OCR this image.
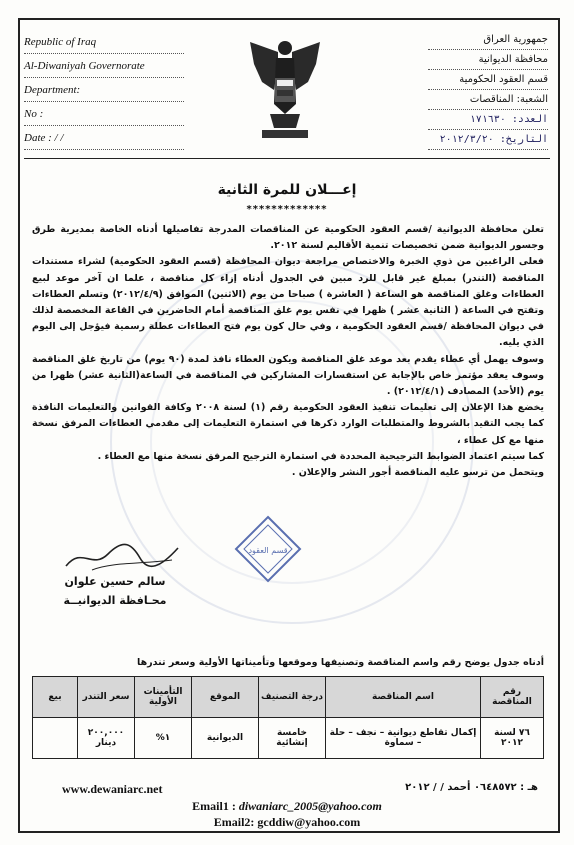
Republic of Iraq
Al-Diwaniyah Governorate
Department:
No :
Date : / /
جمهورية العراق
محافظة الديوانية
قسم العقود الحكومية
الشعبة: المناقصات
العدد: ١٧١٦٣٠
التاريخ: ٢٠١٢/٣/٢٠
إعـــلان للمرة الثانية
*************

تعلن محافظة الديوانية /قسم العقود الحكومية عن المناقصات المدرجة تفاصيلها أدناه الخاصة بمديرية طرق وجسور الديوانية ضمن تخصيصات تنمية الأقاليم لسنة ٢٠١٢.

فعلى الراغبين من ذوي الخبرة والاختصاص مراجعة ديوان المحافظة (قسم العقود الحكومية) لشراء مستندات المناقصة (التندر) بمبلغ غير قابل للرد مبين في الجدول أدناه إزاء كل مناقصة ، علما ان آخر موعد لبيع العطاءات وغلق المناقصة هو الساعة ( العاشرة ) صباحا من يوم (الاثنين) الموافق (٢٠١٢/٤/٩) وتسلم العطاءات وتفتح في الساعة ( الثانية عشر ) ظهرا في نفس يوم غلق المناقصة أمام الحاضرين في القاعة المخصصة لذلك في ديوان المحافظة /قسم العقود الحكومية ، وفي حال كون يوم فتح العطاءات عطلة رسمية فيؤجل إلى اليوم الذي يليه.

وسوف يهمل أي عطاء يقدم بعد موعد غلق المناقصة ويكون العطاء نافذ لمدة (٩٠ يوم) من تاريخ غلق المناقصة وسوف يعقد مؤتمر خاص بالإجابة عن استفسارات المشاركين في المناقصة في الساعة(الثانية عشر) ظهرا من يوم (الأحد) المصادف (٢٠١٢/٤/١) .

يخضع هذا الإعلان إلى تعليمات تنفيذ العقود الحكومية رقم (١) لسنة ٢٠٠٨ وكافة القوانين والتعليمات النافذة كما يجب التقيد بالشروط والمتطلبات الوارد ذكرها في استمارة التعليمات إلى مقدمي العطاءات المرفق نسخة منها مع كل عطاء ،

كما سيتم اعتماد الضوابط الترجيحية المحددة في استمارة الترجيح المرفق نسخة منها مع العطاء .

ويتحمل من ترسو عليه المناقصة أجور النشر والإعلان .

سالم حسين علوان
محـافظة الديوانيــة
قسم العقود
أدناه جدول يوضح رقم واسم المناقصة وتصنيفها وموقعها وتأميناتها الأولية وسعر تندرها
رقم المناقصة	اسم المناقصة	درجة التصنيف	الموقع	التأمينات الأولية	سعر التندر	بيع
٧٦ لسنة ٢٠١٢	إكمال تقاطع ديوانية – نجف – حلة – سماوة	خامسة إنشائية	الديوانية	١%	٢٠٠,٠٠٠ دينار	
www.dewaniarc.net	هـ : ٠٦٤٨٥٧٢ أحمد / / ٢٠١٢
Email1 : diwaniarc_2005@yahoo.com
Email2: gcddiw@yahoo.com
